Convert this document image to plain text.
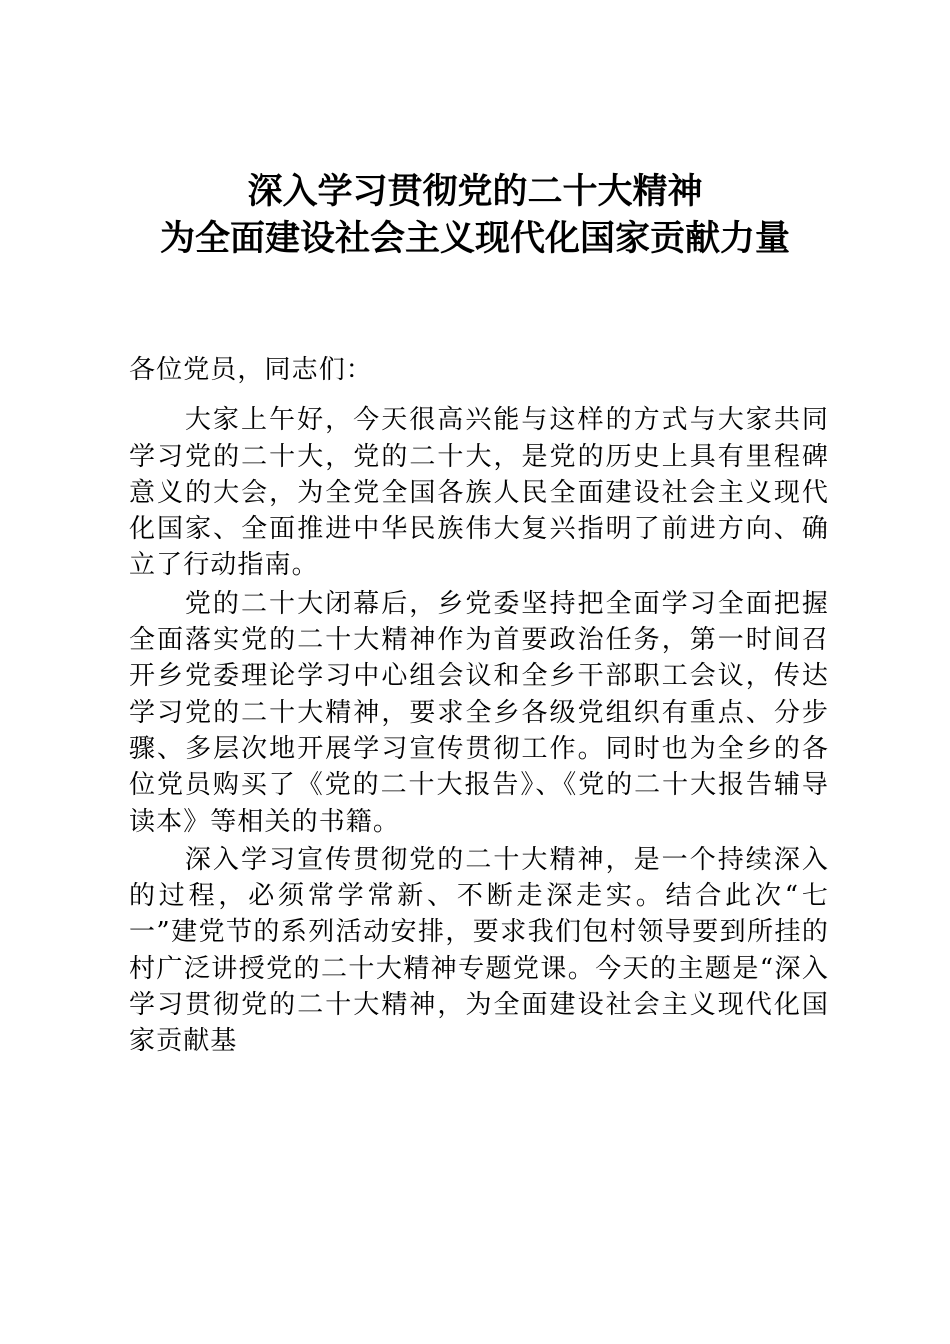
深入学习贯彻党的二十大精神
为全面建设社会主义现代化国家贡献力量

各位党员，同志们：

大家上午好，今天很高兴能与这样的方式与大家共同学习党的二十大，党的二十大，是党的历史上具有里程碑意义的大会，为全党全国各族人民全面建设社会主义现代化国家、全面推进中华民族伟大复兴指明了前进方向、确立了行动指南。

党的二十大闭幕后，乡党委坚持把全面学习全面把握全面落实党的二十大精神作为首要政治任务，第一时间召开乡党委理论学习中心组会议和全乡干部职工会议，传达学习党的二十大精神，要求全乡各级党组织有重点、分步骤、多层次地开展学习宣传贯彻工作。同时也为全乡的各位党员购买了《党的二十大报告》、《党的二十大报告辅导读本》等相关的书籍。

深入学习宣传贯彻党的二十大精神，是一个持续深入的过程，必须常学常新、不断走深走实。结合此次“七一”建党节的系列活动安排，要求我们包村领导要到所挂的村广泛讲授党的二十大精神专题党课。今天的主题是“深入学习贯彻党的二十大精神，为全面建设社会主义现代化国家贡献基
